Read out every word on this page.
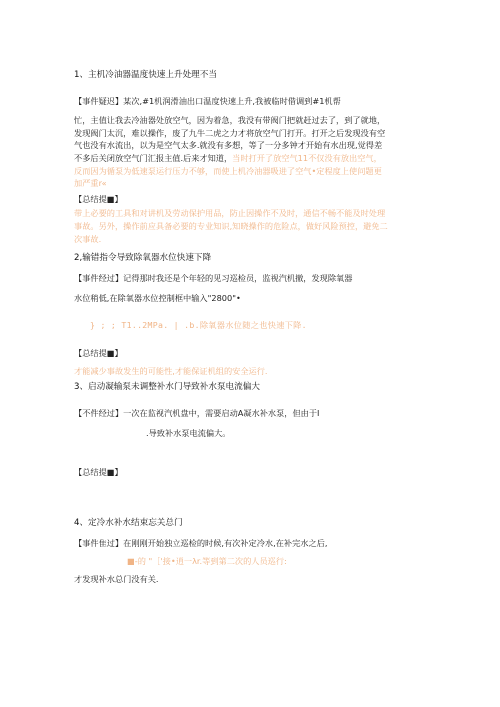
1、主机冷油器温度快速上升处理不当
【事件疑迟】某次,#1机润滑油出口温度快速上升,我被临时借调到#1机帮
忙，主值让我去冷油器处放空气，因为着急，我没有带阀门把就赶过去了，到了就地，
发现阀门太沉，难以操作，废了九牛二虎之力才将放空气门打开。打开之后发现没有空
气也没有水流出，以为是空气太多.就没有多想，等了一分多钟才开始有水出现,觉得差
不多后关闭放空气门汇报主值.后来才知道，当时打开了放空气11不仅没有放出空气，
反而因为循泵为低速泵运行压力不够，而使上机冷油器吸进了空气•定程度上使问题更
加严重r«
【总结提■】
带上必要的工具和对讲机及劳动保护用品，防止因操作不及时，通信不畅不能及时处理
事故。另外，操作前应具备必要的专业知识,知晓操作的危险点，做好风险预控，避免二
次事故.
2,输错指令导致除氧器水位快速下降
【事件经过】记得那时我还是个年轻的见习巡检员，监视汽机撤，发现除氧器
水位稍低,在除氧器水位控制框中输入"2800"•
} ; ; T1..2MPa. | .b.除氧器水位随之也快速下降.
【总结提■】
才能减少事故发生的可能性,才能保证机组的安全运行.
3、启动凝输泵未调整补水门导致补水泵电流偏大
【不件经过】一次在监视汽机盘中，需要启动A凝水补水泵，但由于I
.导致补水泵电流偏大。
【总结提■】
4、定冷水补水结束忘关总门
【事件隹过】在刚刚开始独立巡检的时候,有次补定冷水,在补完水之后,
■-的 "［'接•逍一λr.等到第二次的人员巡行:
才发现补水总门没有关.
